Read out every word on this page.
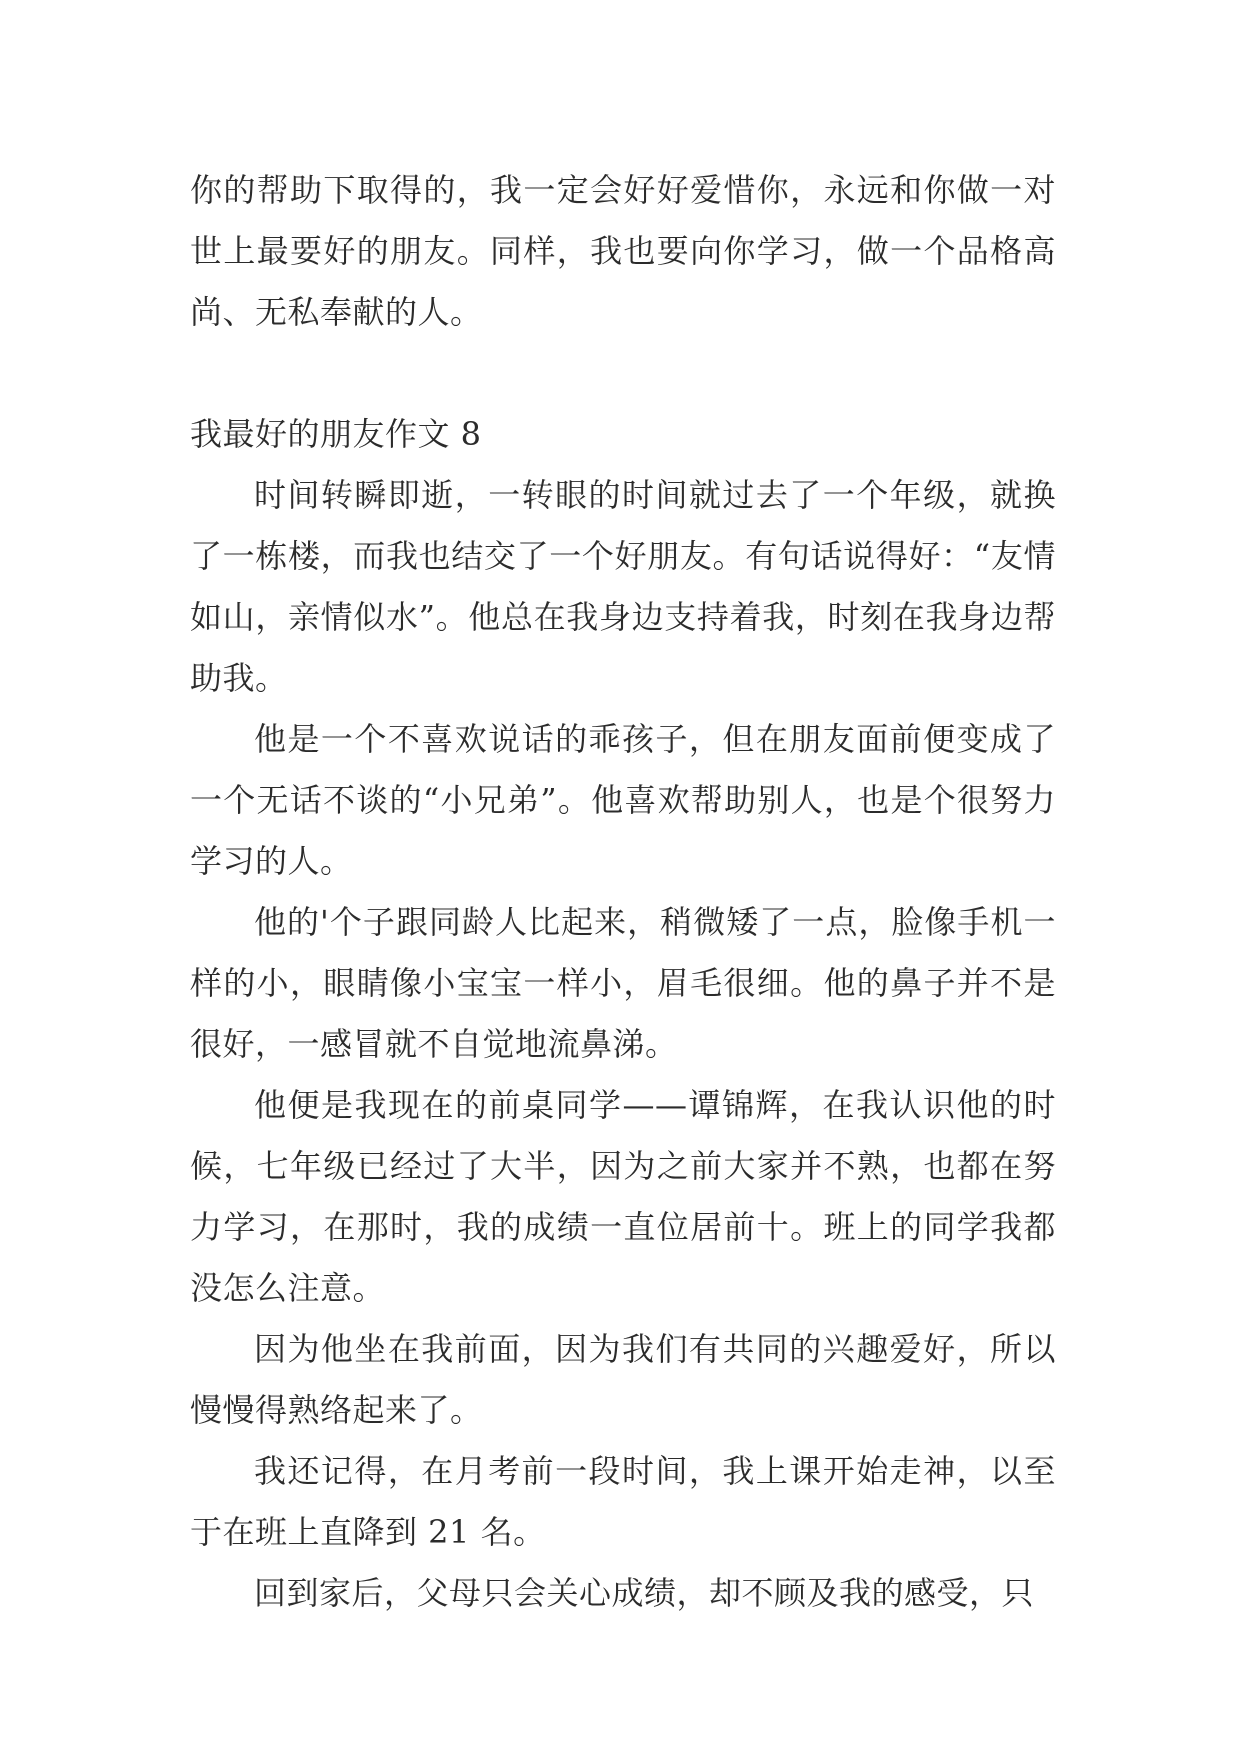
你的帮助下取得的，我一定会好好爱惜你，永远和你做一对世上最要好的朋友。同样，我也要向你学习，做一个品格高尚、无私奉献的人。

我最好的朋友作文 8

时间转瞬即逝，一转眼的时间就过去了一个年级，就换了一栋楼，而我也结交了一个好朋友。有句话说得好：“友情如山，亲情似水”。他总在我身边支持着我，时刻在我身边帮助我。

他是一个不喜欢说话的乖孩子，但在朋友面前便变成了一个无话不谈的“小兄弟”。他喜欢帮助别人，也是个很努力学习的人。

他的'个子跟同龄人比起来，稍微矮了一点，脸像手机一样的小，眼睛像小宝宝一样小，眉毛很细。他的鼻子并不是很好，一感冒就不自觉地流鼻涕。

他便是我现在的前桌同学——谭锦辉，在我认识他的时候，七年级已经过了大半，因为之前大家并不熟，也都在努力学习，在那时，我的成绩一直位居前十。班上的同学我都没怎么注意。

因为他坐在我前面，因为我们有共同的兴趣爱好，所以慢慢得熟络起来了。

我还记得，在月考前一段时间，我上课开始走神，以至于在班上直降到 21 名。

回到家后，父母只会关心成绩，却不顾及我的感受，只
